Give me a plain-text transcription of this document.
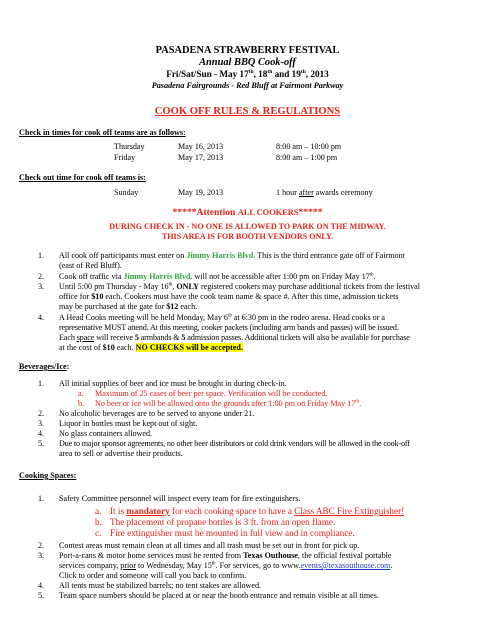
PASADENA STRAWBERRY FESTIVAL
Annual BBQ Cook-off
Fri/Sat/Sun - May 17th, 18th and 19th, 2013
Pasadena Fairgrounds - Red Bluff at Fairmont Parkway
COOK OFF RULES & REGULATIONS
Check in times for cook off teams are as follows:
Thursday	May 16, 2013	8:00 am – 10:00 pm
Friday	May 17, 2013	8:00 am – 1:00 pm
Check out time for cook off teams is:
Sunday	May 19, 2013	1 hour after awards ceremony
*****Attention ALL COOKERS*****
DURING CHECK IN - NO ONE IS ALLOWED TO PARK ON THE MIDWAY.
THIS AREA IS FOR BOOTH VENDORS ONLY.
1. All cook off participants must enter on Jimmy Harris Blvd. This is the third entrance gate off of Fairmont
(east of Red Bluff).
2. Cook off traffic via Jimmy Harris Blvd. will not be accessible after 1:00 pm on Friday May 17th.
3. Until 5:00 pm Thursday - May 16th, ONLY registered cookers may purchase additional tickets from the festival
office for $10 each. Cookers must have the cook team name & space #. After this time, admission tickets
may be purchased at the gate for $12 each.
4. A Head Cooks meeting will be held Monday, May 6th at 6:30 pm in the rodeo arena. Head cooks or a
representative MUST attend. At this meeting, cooker packets (including arm bands and passes) will be issued.
Each space will receive 5 armbands & 5 admission passes. Additional tickets will also be available for purchase
at the cost of $10 each. NO CHECKS will be accepted.
Beverages/Ice:
1. All initial supplies of beer and ice must be brought in during check-in.
a. Maximum of 25 cases of beer per space. Verification will be conducted.
b. No beer or ice will be allowed onto the grounds after 1:00 pm on Friday May 17th.
2. No alcoholic beverages are to be served to anyone under 21.
3. Liquor in bottles must be kept out of sight.
4. No glass containers allowed.
5. Due to major sponsor agreements, no other beer distributors or cold drink vendors will be allowed in the cook-off
area to sell or advertise their products.
Cooking Spaces:
1. Safety Committee personnel will inspect every team for fire extinguishers.
a. It is mandatory for each cooking space to have a Class ABC Fire Extinguisher!
b. The placement of propane bottles is 3 ft. from an open flame.
c. Fire extinguisher must be mounted in full view and in compliance.
2. Contest areas must remain clean at all times and all trash must be set out in front for pick up.
3. Port-a-cans & motor home services must be rented from Texas Outhouse, the official festival portable
services company, prior to Wednesday, May 15th. For services, go to www.events@texasouthouse.com.
Click to order and someone will call you back to confirm.
4. All tents must be stabilized barrels; no tent stakes are allowed.
5. Team space numbers should be placed at or near the booth entrance and remain visible at all times.
